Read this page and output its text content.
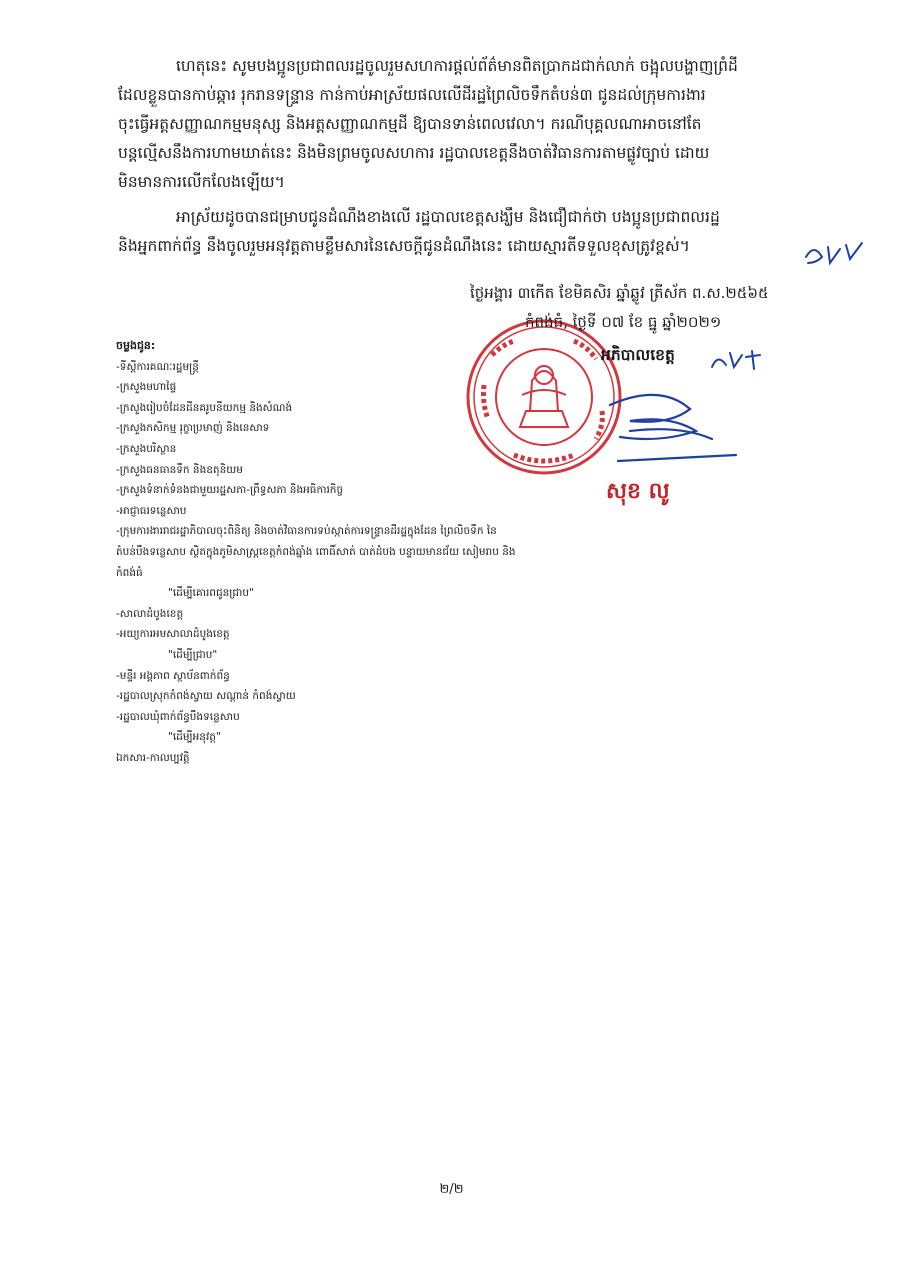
ហេតុនេះ សូមបងប្អូនប្រជាពលរដ្ឋចូលរួមសហការផ្តល់ព័ត៌មានពិតប្រាកដជាក់លាក់ ចង្អុលបង្ហាញព្រំដី
ដែលខ្លួនបានកាប់ឆ្ការ រុករានទន្ទ្រាន កាន់កាប់អាស្រ័យផលលើដីរដ្ឋព្រៃលិចទឹកតំបន់៣ ជូនដល់ក្រុមការងារ
ចុះធ្វើអត្តសញ្ញាណកម្មមនុស្ស និងអត្តសញ្ញាណកម្មដី ឱ្យបានទាន់ពេលវេលា។ ករណីបុគ្គលណាអាចនៅតែ
បន្តល្មើសនឹងការហាមឃាត់នេះ និងមិនព្រមចូលសហការ រដ្ឋបាលខេត្តនឹងចាត់វិធានការតាមផ្លូវច្បាប់ ដោយ
មិនមានការលើកលែងឡើយ។
អាស្រ័យដូចបានជម្រាបជូនដំណឹងខាងលើ រដ្ឋបាលខេត្តសង្ឃឹម និងជឿជាក់ថា បងប្អូនប្រជាពលរដ្ឋ
និងអ្នកពាក់ព័ន្ធ នឹងចូលរួមអនុវត្តតាមខ្លឹមសារនៃសេចក្តីជូនដំណឹងនេះ ដោយស្មារតីទទួលខុសត្រូវខ្ពស់។
ថ្ងៃអង្គារ ៣កើត ខែមិគសិរ ឆ្នាំឆ្លូវ ត្រីស័ក ព.ស.២៥៦៥
កំពង់ធំ, ថ្ងៃទី ០៧ ខែ ធ្នូ ឆ្នាំ២០២១
អភិបាលខេត្ត
សុខ លូ
ចម្លងជូន:
-ទីស្តីការគណៈរដ្ឋមន្ត្រី
-ក្រសួងមហាផ្ទៃ
-ក្រសួងរៀបចំដែនដីនគរូបនីយកម្ម និងសំណង់
-ក្រសួងកសិកម្ម រុក្ខាប្រមាញ់ និងនេសាទ
-ក្រសួងបរិស្ថាន
-ក្រសួងធនធានទឹក និងឧតុនិយម
-ក្រសួងទំនាក់ទំនងជាមួយរដ្ឋសភា-ព្រឹទ្ធសភា និងអធិការកិច្ច
-អាជ្ញាធរទន្លេសាប
-ក្រុមការងាររាជរដ្ឋាភិបាលចុះពិនិត្យ និងចាត់វិធានការទប់ស្កាត់ការទន្ទ្រានដីរដ្ឋក្នុងដែន ព្រៃលិចទឹក នៃតំបន់បឹងទន្លេសាប ស្ថិតក្នុងភូមិសាស្ត្រខេត្តកំពង់ឆ្នាំង ពោធិ៍សាត់ បាត់ដំបង បន្ទាយមានជ័យ សៀមរាប និងកំពង់ធំ
"ដើម្បីគោរពជូនជ្រាប"
-សាលាដំបូងខេត្ត
-អយ្យការអមសាលាដំបូងខេត្ត
"ដើម្បីជ្រាប"
-មន្ទីរ អង្គភាព ស្ថាប័នពាក់ព័ន្ធ
-រដ្ឋបាលស្រុកកំពង់ស្វាយ សណ្តាន់ កំពង់ស្វាយ
-រដ្ឋបាលឃុំពាក់ព័ន្ធបឹងទន្លេសាប
"ដើម្បីអនុវត្ត"
ឯកសារ-កាលប្បវត្តិ
២/២
